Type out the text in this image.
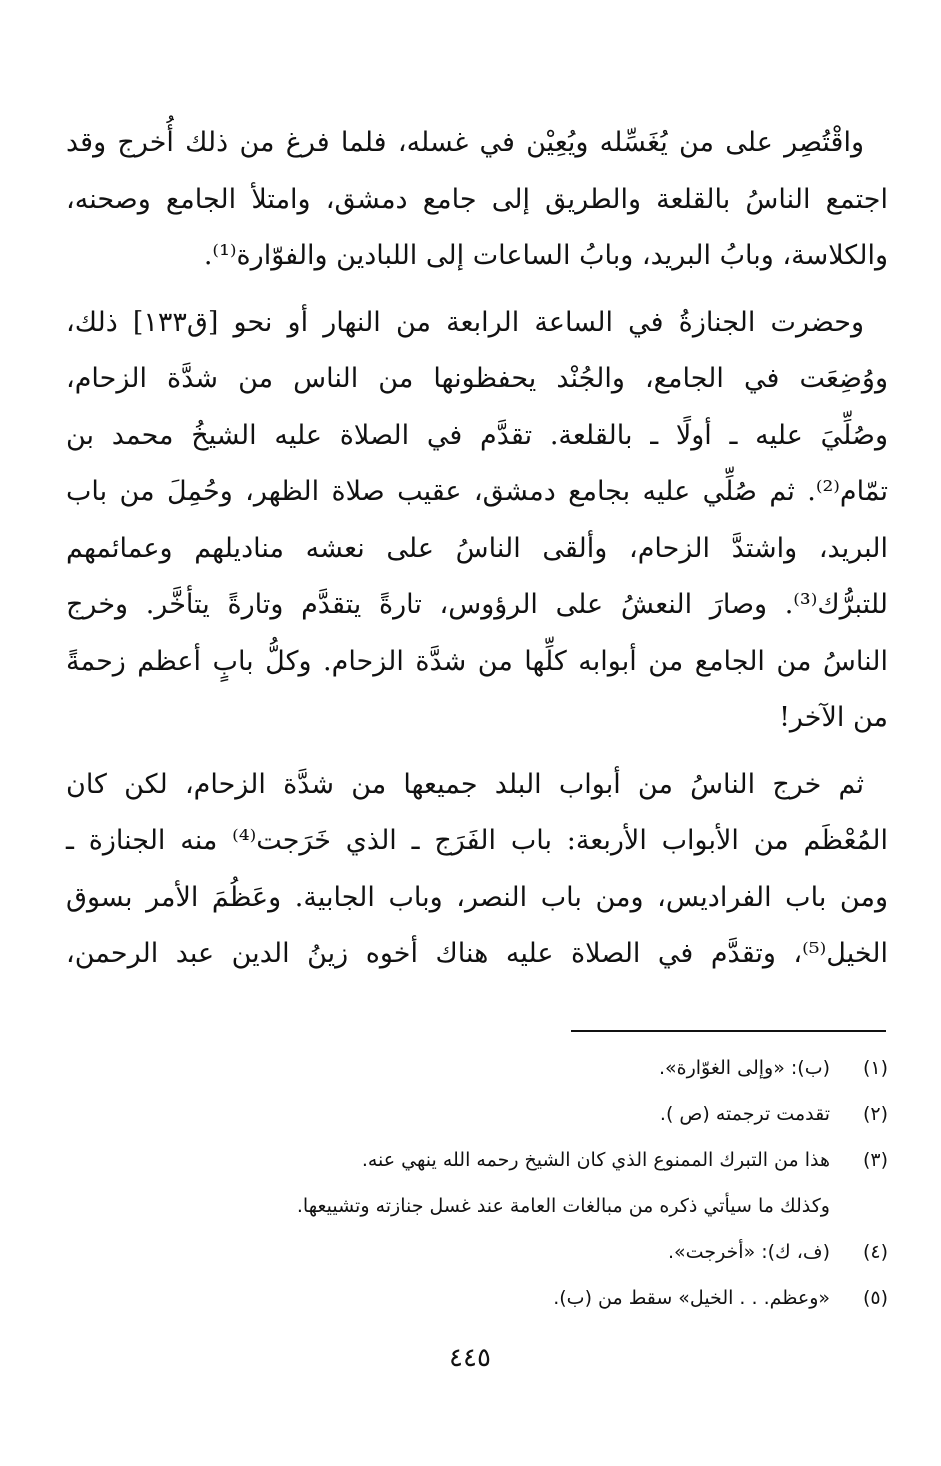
واقْتُصِر على من يُغَسِّله ويُعِيْن في غسله، فلما فرغ من ذلك أُخرج وقد
اجتمع الناسُ بالقلعة والطريق إلى جامع دمشق، وامتلأ الجامع وصحنه،
والكلاسة، وبابُ البريد، وبابُ الساعات إلى اللبادين والفوّارة⁽¹⁾.

وحضرت الجنازةُ في الساعة الرابعة من النهار أو نحو [ق١٣٣] ذلك،
ووُضِعَت في الجامع، والجُنْد يحفظونها من الناس من شدَّة الزحام،
وصُلِّيَ عليه ـ أولًا ـ بالقلعة. تقدَّم في الصلاة عليه الشيخُ محمد بن
تمّام⁽²⁾. ثم صُلِّي عليه بجامع دمشق، عقيب صلاة الظهر، وحُمِلَ من باب
البريد، واشتدَّ الزحام، وألقى الناسُ على نعشه مناديلهم وعمائمهم
للتبرُّك⁽³⁾. وصارَ النعشُ على الرؤوس، تارةً يتقدَّم وتارةً يتأخَّر. وخرج
الناسُ من الجامع من أبوابه كلِّها من شدَّة الزحام. وكلُّ بابٍ أعظم زحمةً
من الآخر!

ثم خرج الناسُ من أبواب البلد جميعها من شدَّة الزحام، لكن كان
المُعْظَم من الأبواب الأربعة: باب الفَرَج ـ الذي خَرَجت⁽⁴⁾ منه الجنازة ـ
ومن باب الفراديس، ومن باب النصر، وباب الجابية. وعَظُمَ الأمر بسوق
الخيل⁽⁵⁾، وتقدَّم في الصلاة عليه هناك أخوه زينُ الدين عبد الرحمن،

(١)
(ب): «وإلى الغوّارة».
(٢)
تقدمت ترجمته (ص ).
(٣)
هذا من التبرك الممنوع الذي كان الشيخ رحمه الله ينهي عنه.
وكذلك ما سيأتي ذكره من مبالغات العامة عند غسل جنازته وتشييعها.
(٤)
(ف، ك): «أخرجت».
(٥)
«وعظم. . . الخيل» سقط من (ب).
٤٤٥
